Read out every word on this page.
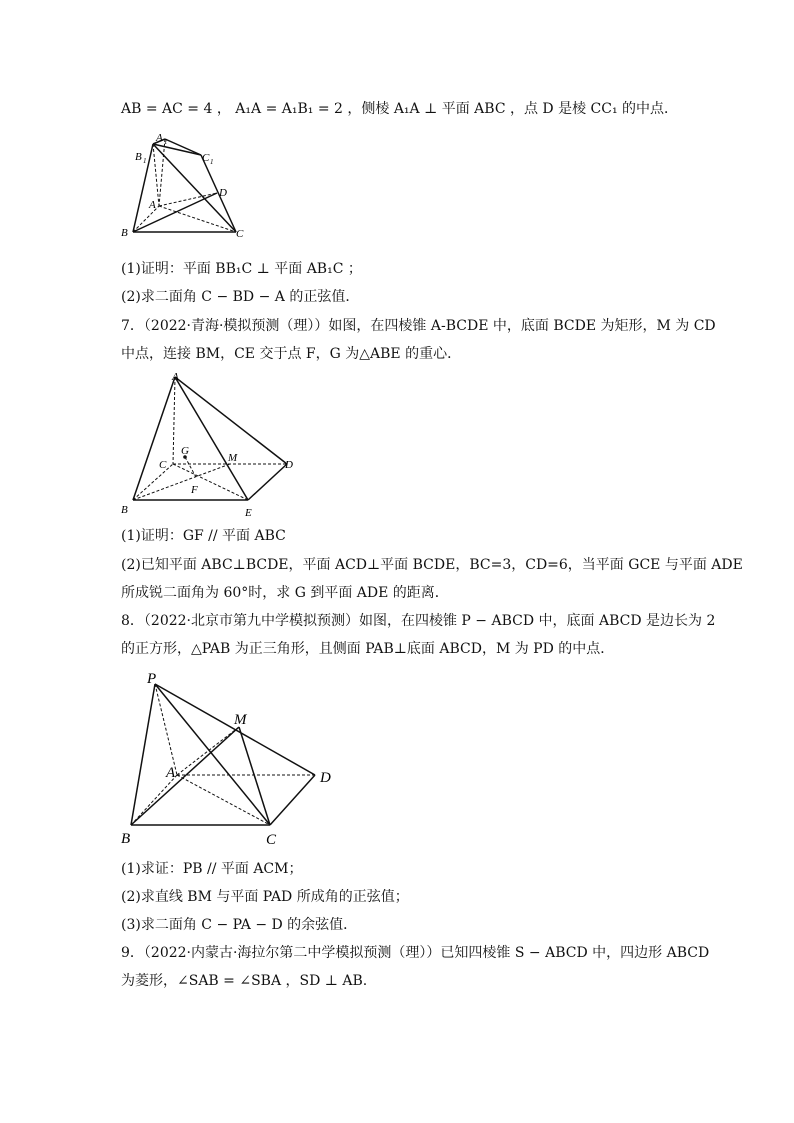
AB = AC = 4 ， A₁A = A₁B₁ = 2 ，侧棱 A₁A ⊥ 平面 ABC ，点 D 是棱 CC₁ 的中点．
A 1
B 1	C 1
D
A
B	C
(1)证明：平面 BB₁C ⊥ 平面 AB₁C ；
(2)求二面角 C − BD − A 的正弦值．
7．（2022·青海·模拟预测（理））如图，在四棱锥 A-BCDE 中，底面 BCDE 为矩形，M 为 CD
中点，连接 BM，CE 交于点 F，G 为△ABE 的重心．
A
G
C
M
D
F
B	E
(1)证明：GF // 平面 ABC
(2)已知平面 ABC⊥BCDE，平面 ACD⊥平面 BCDE，BC=3，CD=6，当平面 GCE 与平面 ADE
所成锐二面角为 60°时，求 G 到平面 ADE 的距离．
8．（2022·北京市第九中学模拟预测）如图，在四棱锥 P − ABCD 中，底面 ABCD 是边长为 2
的正方形，△PAB 为正三角形，且侧面 PAB⊥底面 ABCD，M 为 PD 的中点．
P
M
A	D
B	C
(1)求证：PB // 平面 ACM；
(2)求直线 BM 与平面 PAD 所成角的正弦值；
(3)求二面角 C − PA − D 的余弦值．
9．（2022·内蒙古·海拉尔第二中学模拟预测（理））已知四棱锥 S − ABCD 中，四边形 ABCD
为菱形，∠SAB = ∠SBA ，SD ⊥ AB.
